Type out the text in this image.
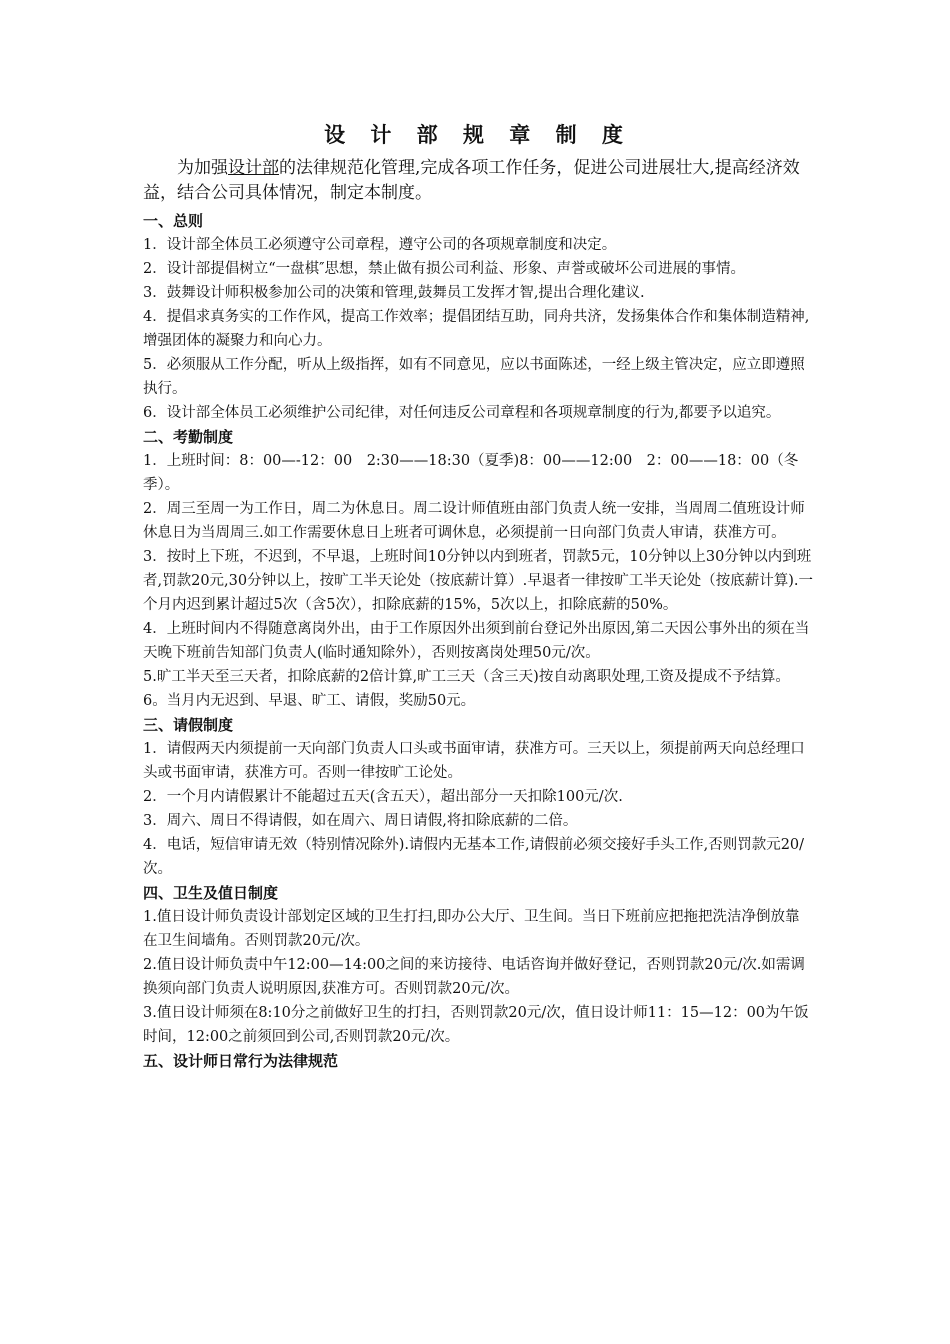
设 计 部 规 章 制 度

为加强设计部的法律规范化管理,完成各项工作任务，促进公司进展壮大,提高经济效益，结合公司具体情况，制定本制度。

一、总则

1．设计部全体员工必须遵守公司章程，遵守公司的各项规章制度和决定。

2．设计部提倡树立“一盘棋″思想，禁止做有损公司利益、形象、声誉或破坏公司进展的事情。

3．鼓舞设计师积极参加公司的决策和管理,鼓舞员工发挥才智,提出合理化建议.

4．提倡求真务实的工作作风，提高工作效率；提倡团结互助，同舟共济，发扬集体合作和集体制造精神,增强团体的凝聚力和向心力。

5．必须服从工作分配，听从上级指挥，如有不同意见，应以书面陈述，一经上级主管决定，应立即遵照执行。

6．设计部全体员工必须维护公司纪律，对任何违反公司章程和各项规章制度的行为,都要予以追究。

二、考勤制度

1．上班时间：8：00—-12：00　2:30——18:30（夏季)8：00——12:00　2：00——18：00（冬季）。

2．周三至周一为工作日，周二为休息日。周二设计师值班由部门负责人统一安排，当周周二值班设计师休息日为当周周三.如工作需要休息日上班者可调休息，必须提前一日向部门负责人审请，获准方可。

3．按时上下班，不迟到，不早退，上班时间10分钟以内到班者，罚款5元，10分钟以上30分钟以内到班者,罚款20元,30分钟以上，按旷工半天论处（按底薪计算）.早退者一律按旷工半天论处（按底薪计算).一个月内迟到累计超过5次（含5次），扣除底薪的15%，5次以上，扣除底薪的50%。

4．上班时间内不得随意离岗外出，由于工作原因外出须到前台登记外出原因,第二天因公事外出的须在当天晚下班前告知部门负责人(临时通知除外），否则按离岗处理50元/次。

5.旷工半天至三天者，扣除底薪的2倍计算,旷工三天（含三天)按自动离职处理,工资及提成不予结算。

6。当月内无迟到、早退、旷工、请假，奖励50元。

三、请假制度

1．请假两天内须提前一天向部门负责人口头或书面审请，获准方可。三天以上，须提前两天向总经理口头或书面审请，获准方可。否则一律按旷工论处。

2．一个月内请假累计不能超过五天(含五天），超出部分一天扣除100元/次.

3．周六、周日不得请假，如在周六、周日请假,将扣除底薪的二倍。

4．电话，短信审请无效（特别情况除外).请假内无基本工作,请假前必须交接好手头工作,否则罚款元20/次。

四、卫生及值日制度

1.值日设计师负责设计部划定区域的卫生打扫,即办公大厅、卫生间。当日下班前应把拖把洗洁净倒放靠在卫生间墙角。否则罚款20元/次。

2.值日设计师负责中午12:00—14:00之间的来访接待、电话咨询并做好登记，否则罚款20元/次.如需调换须向部门负责人说明原因,获准方可。否则罚款20元/次。

3.值日设计师须在8:10分之前做好卫生的打扫，否则罚款20元/次，值日设计师11：15—12：00为午饭时间，12:00之前须回到公司,否则罚款20元/次。

五、设计师日常行为法律规范
